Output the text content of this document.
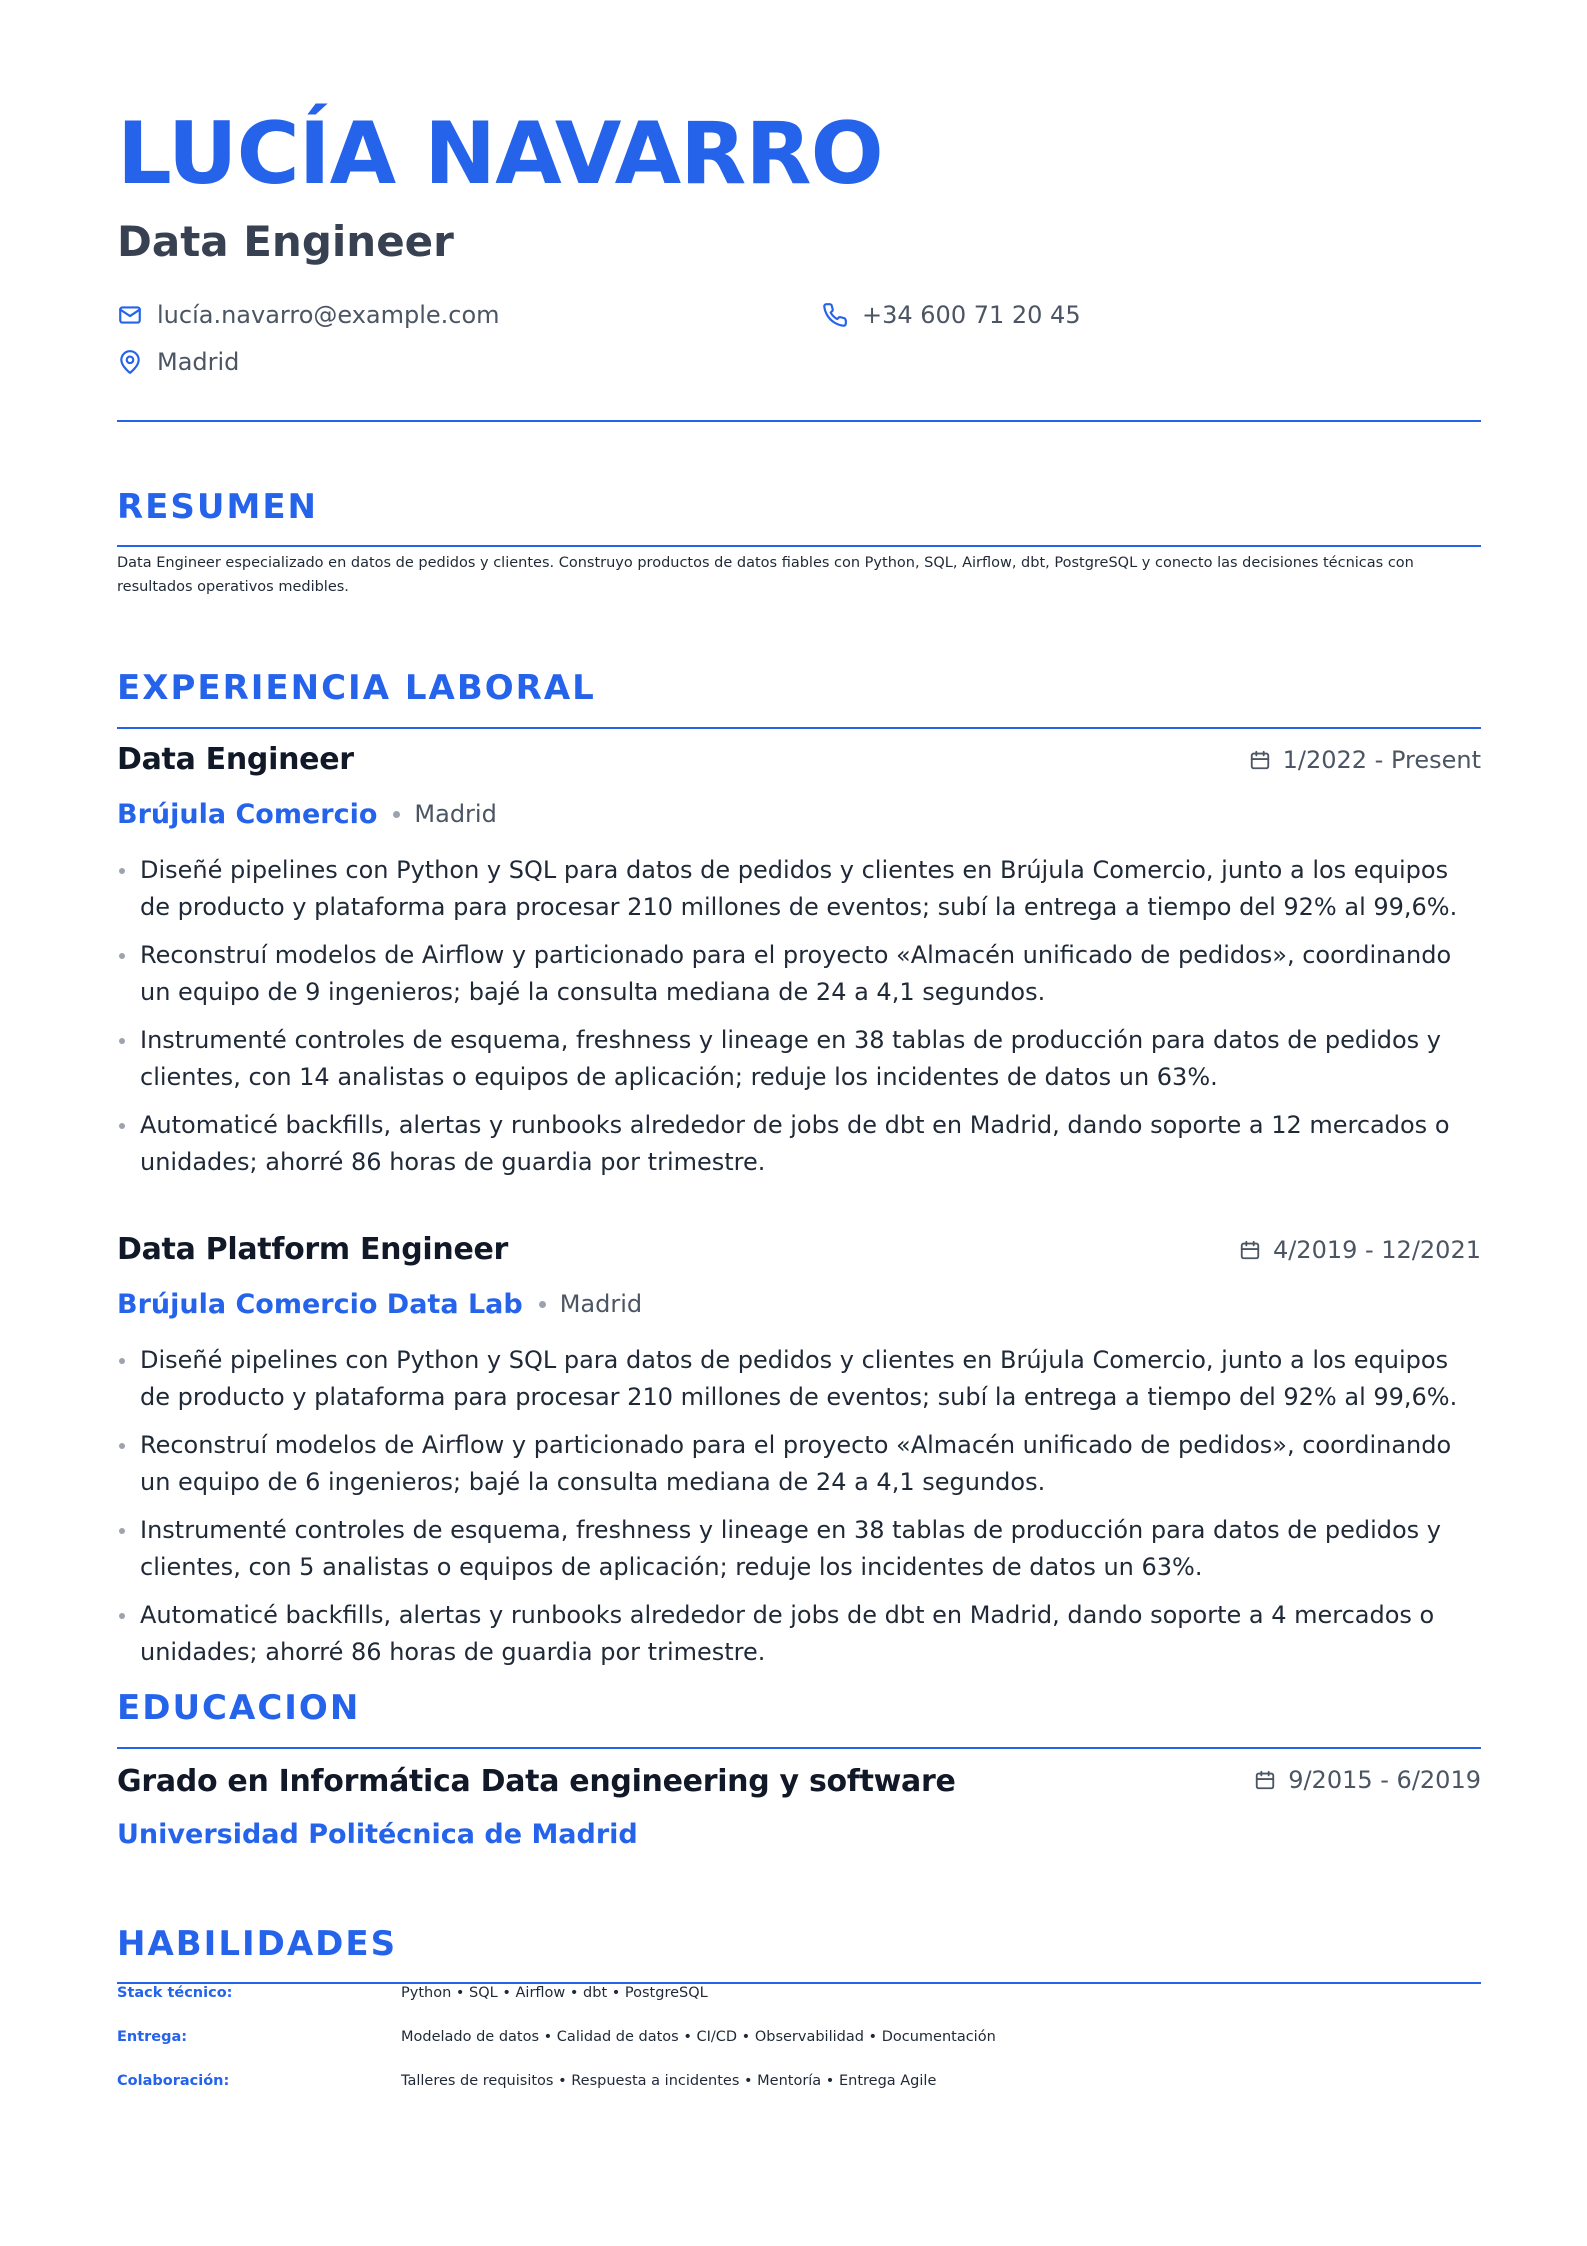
LUCÍA NAVARRO
Data Engineer
lucía.navarro@example.com	+34 600 71 20 45
Madrid
RESUMEN

Data Engineer especializado en datos de pedidos y clientes. Construyo productos de datos fiables con Python, SQL, Airflow, dbt, PostgreSQL y conecto las decisiones técnicas con resultados operativos medibles.

EXPERIENCIA LABORAL
Data Engineer	1/2022 - Present
Brújula Comercio Madrid
Diseñé pipelines con Python y SQL para datos de pedidos y clientes en Brújula Comercio, junto a los equipos de producto y plataforma para procesar 210 millones de eventos; subí la entrega a tiempo del 92% al 99,6%.
Reconstruí modelos de Airflow y particionado para el proyecto «Almacén unificado de pedidos», coordinando un equipo de 9 ingenieros; bajé la consulta mediana de 24 a 4,1 segundos.
Instrumenté controles de esquema, freshness y lineage en 38 tablas de producción para datos de pedidos y clientes, con 14 analistas o equipos de aplicación; reduje los incidentes de datos un 63%.
Automaticé backfills, alertas y runbooks alrededor de jobs de dbt en Madrid, dando soporte a 12 mercados o unidades; ahorré 86 horas de guardia por trimestre.
Data Platform Engineer	4/2019 - 12/2021
Brújula Comercio Data Lab Madrid
Diseñé pipelines con Python y SQL para datos de pedidos y clientes en Brújula Comercio, junto a los equipos de producto y plataforma para procesar 210 millones de eventos; subí la entrega a tiempo del 92% al 99,6%.
Reconstruí modelos de Airflow y particionado para el proyecto «Almacén unificado de pedidos», coordinando un equipo de 6 ingenieros; bajé la consulta mediana de 24 a 4,1 segundos.
Instrumenté controles de esquema, freshness y lineage en 38 tablas de producción para datos de pedidos y clientes, con 5 analistas o equipos de aplicación; reduje los incidentes de datos un 63%.
Automaticé backfills, alertas y runbooks alrededor de jobs de dbt en Madrid, dando soporte a 4 mercados o unidades; ahorré 86 horas de guardia por trimestre.
EDUCACION
Grado en Informática Data engineering y software	9/2015 - 6/2019
Universidad Politécnica de Madrid
HABILIDADES
Stack técnico:	Python • SQL • Airflow • dbt • PostgreSQL
Entrega:	Modelado de datos • Calidad de datos • CI/CD • Observabilidad • Documentación
Colaboración:	Talleres de requisitos • Respuesta a incidentes • Mentoría • Entrega Agile
